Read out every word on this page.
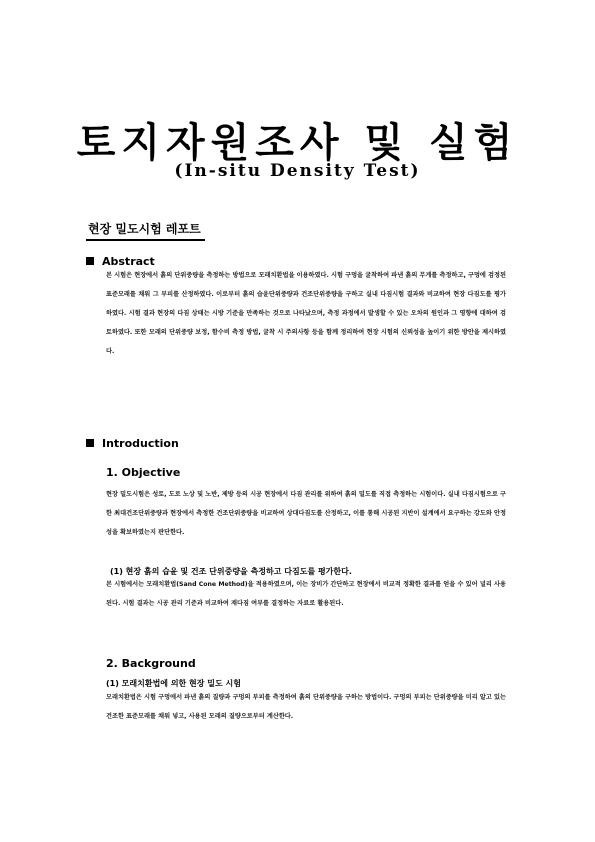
토지자원조사 및 실험
(In-situ Density Test)
현장 밀도시험 레포트
Abstract
본 시험은 현장에서 흙의 단위중량을 측정하는 방법으로 모래치환법을 이용하였다. 시험 구멍을 굴착하여 파낸 흙의 무게를 측정하고, 구멍에 검정된 표준모래를 채워 그 부피를 산정하였다. 이로부터 흙의 습윤단위중량과 건조단위중량을 구하고 실내 다짐시험 결과와 비교하여 현장 다짐도를 평가하였다. 시험 결과 현장의 다짐 상태는 시방 기준을 만족하는 것으로 나타났으며, 측정 과정에서 발생할 수 있는 오차의 원인과 그 영향에 대하여 검토하였다. 또한 모래의 단위중량 보정, 함수비 측정 방법, 굴착 시 주의사항 등을 함께 정리하여 현장 시험의 신뢰성을 높이기 위한 방안을 제시하였다.
Introduction
1. Objective
현장 밀도시험은 성토, 도로 노상 및 노반, 제방 등의 시공 현장에서 다짐 관리를 위하여 흙의 밀도를 직접 측정하는 시험이다. 실내 다짐시험으로 구한 최대건조단위중량과 현장에서 측정한 건조단위중량을 비교하여 상대다짐도를 산정하고, 이를 통해 시공된 지반이 설계에서 요구하는 강도와 안정성을 확보하였는지 판단한다.
(1) 현장 흙의 습윤 및 건조 단위중량을 측정하고 다짐도를 평가한다.
본 시험에서는 모래치환법(Sand Cone Method)을 적용하였으며, 이는 장비가 간단하고 현장에서 비교적 정확한 결과를 얻을 수 있어 널리 사용된다. 시험 결과는 시공 관리 기준과 비교하여 재다짐 여부를 결정하는 자료로 활용된다.
2. Background
(1) 모래치환법에 의한 현장 밀도 시험
모래치환법은 시험 구멍에서 파낸 흙의 질량과 구멍의 부피를 측정하여 흙의 단위중량을 구하는 방법이다. 구멍의 부피는 단위중량을 미리 알고 있는 건조한 표준모래를 채워 넣고, 사용된 모래의 질량으로부터 계산한다.
